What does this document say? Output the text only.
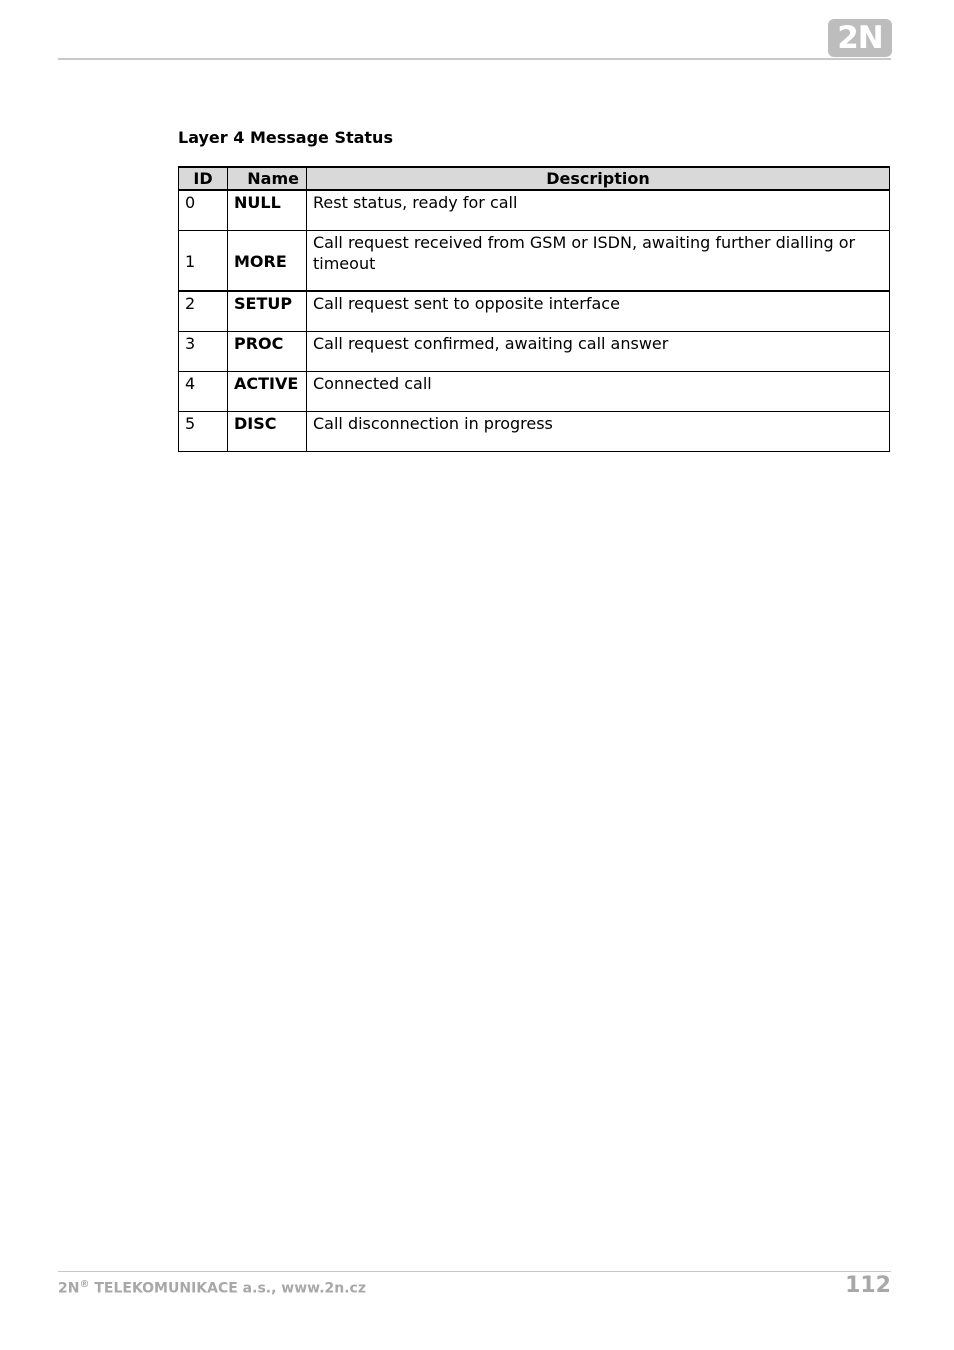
2N
Layer 4 Message Status
ID	Name	Description
0	NULL	Rest status, ready for call
1	MORE	Call request received from GSM or ISDN, awaiting further dialling or timeout
2	SETUP	Call request sent to opposite interface
3	PROC	Call request confirmed, awaiting call answer
4	ACTIVE	Connected call
5	DISC	Call disconnection in progress
2N® TELEKOMUNIKACE a.s., www.2n.cz	112
